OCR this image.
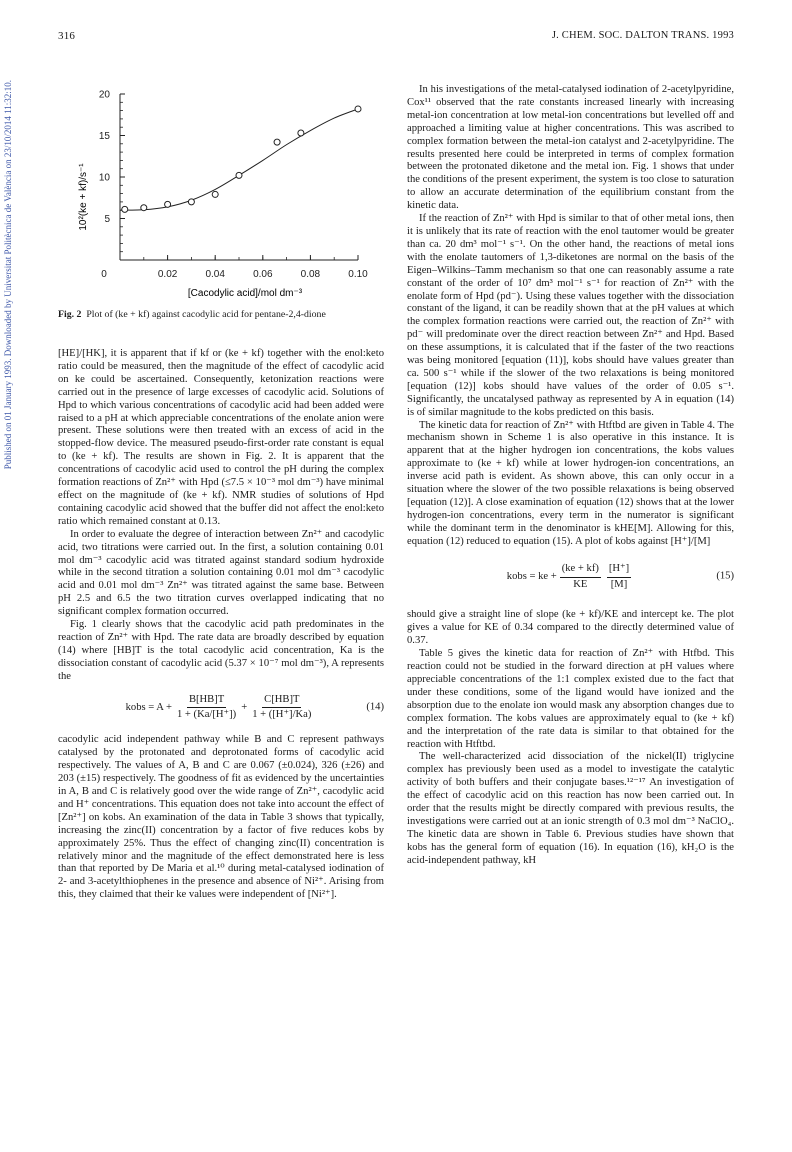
316	J. CHEM. SOC. DALTON TRANS. 1993
Published on 01 January 1993. Downloaded by Universitat Politècnica de València on 23/10/2014 11:32:10.	0	0.02	0.04	0.06	0.08	0.10
5
10
15
20
[Cacodylic acid]/mol dm⁻³
10²(ke + kf)/s⁻¹
Fig. 2 Plot of (ke + kf) against cacodylic acid for pentane-2,4-dione

[HE]/[HK], it is apparent that if kf or (ke + kf) together with the enol:keto ratio could be measured, then the magnitude of the effect of cacodylic acid on ke could be ascertained. Consequently, ketonization reactions were carried out in the presence of large excesses of cacodylic acid. Solutions of Hpd to which various concentrations of cacodylic acid had been added were raised to a pH at which appreciable concentrations of the enolate anion were present. These solutions were then treated with an excess of acid in the stopped-flow device. The measured pseudo-first-order rate constant is equal to (ke + kf). The results are shown in Fig. 2. It is apparent that the concentrations of cacodylic acid used to control the pH during the complex formation reactions of Zn²⁺ with Hpd (≤7.5 × 10⁻³ mol dm⁻³) have minimal effect on the magnitude of (ke + kf). NMR studies of solutions of Hpd containing cacodylic acid showed that the buffer did not affect the enol:keto ratio which remained constant at 0.13.

In order to evaluate the degree of interaction between Zn²⁺ and cacodylic acid, two titrations were carried out. In the first, a solution containing 0.01 mol dm⁻³ cacodylic acid was titrated against standard sodium hydroxide while in the second titration a solution containing 0.01 mol dm⁻³ cacodylic acid and 0.01 mol dm⁻³ Zn²⁺ was titrated against the same base. Between pH 2.5 and 6.5 the two titration curves overlapped indicating that no significant complex formation occurred.

Fig. 1 clearly shows that the cacodylic acid path predominates in the reaction of Zn²⁺ with Hpd. The rate data are broadly described by equation (14) where [HB]T is the total cacodylic acid concentration, Ka is the dissociation constant of cacodylic acid (5.37 × 10⁻⁷ mol dm⁻³), A represents the

kobs = $A + \frac{B[HB]T}{1 + (Ka/[H^+])} + \frac{C[HB]T}{1 + ([H^+]/Ka)}$	(14)

cacodylic acid independent pathway while B and C represent pathways catalysed by the protonated and deprotonated forms of cacodylic acid respectively. The values of A, B and C are 0.067 (±0.024), 326 (±26) and 203 (±15) respectively. The goodness of fit as evidenced by the uncertainties in A, B and C is relatively good over the wide range of Zn²⁺, cacodylic acid and H⁺ concentrations. This equation does not take into account the effect of [Zn²⁺] on kobs. An examination of the data in Table 3 shows that typically, increasing the zinc(II) concentration by a factor of five reduces kobs by approximately 25%. Thus the effect of changing zinc(II) concentration is relatively minor and the magnitude of the effect demonstrated here is less than that reported by De Maria et al.¹⁰ during metal-catalysed iodination of 2- and 3-acetylthiophenes in the presence and absence of Ni²⁺. Arising from this, they claimed that their ke values were independent of [Ni²⁺].

In his investigations of the metal-catalysed iodination of 2-acetylpyridine, Cox¹¹ observed that the rate constants increased linearly with increasing metal-ion concentration at low metal-ion concentrations but levelled off and approached a limiting value at higher concentrations. This was ascribed to complex formation between the metal-ion catalyst and 2-acetylpyridine. The results presented here could be interpreted in terms of complex formation between the protonated diketone and the metal ion. Fig. 1 shows that under the conditions of the present experiment, the system is too close to saturation to allow an accurate determination of the equilibrium constant from the kinetic data.

If the reaction of Zn²⁺ with Hpd is similar to that of other metal ions, then it is unlikely that its rate of reaction with the enol tautomer would be greater than ca. 20 dm³ mol⁻¹ s⁻¹. On the other hand, the reactions of metal ions with the enolate tautomers of 1,3-diketones are normal on the basis of the Eigen–Wilkins–Tamm mechanism so that one can reasonably assume a rate constant of the order of 10⁷ dm³ mol⁻¹ s⁻¹ for reaction of Zn²⁺ with the enolate form of Hpd (pd⁻). Using these values together with the dissociation constant of the ligand, it can be readily shown that at the pH values at which the complex formation reactions were carried out, the reaction of Zn²⁺ with pd⁻ will predominate over the direct reaction between Zn²⁺ and Hpd. Based on these assumptions, it is calculated that if the faster of the two reactions was being monitored [equation (11)], kobs should have values greater than ca. 500 s⁻¹ while if the slower of the two relaxations is being monitored [equation (12)] kobs should have values of the order of 0.05 s⁻¹. Significantly, the uncatalysed pathway as represented by A in equation (14) is of similar magnitude to the kobs predicted on this basis.

The kinetic data for reaction of Zn²⁺ with Htftbd are given in Table 4. The mechanism shown in Scheme 1 is also operative in this instance. It is apparent that at the higher hydrogen ion concentrations, the kobs values approximate to (ke + kf) while at lower hydrogen-ion concentrations, an inverse acid path is evident. As shown above, this can only occur in a situation where the slower of the two possible relaxations is being observed [equation (12)]. A close examination of equation (12) shows that at the lower hydrogen-ion concentrations, every term in the numerator is significant while the dominant term in the denominator is kHE[M]. Allowing for this, equation (12) reduced to equation (15). A plot of kobs against [H⁺]/[M]

kobs = ke + $\frac{(ke + kf)}{KE} \frac{[H^+]}{[M]}$	(15)

should give a straight line of slope (ke + kf)/KE and intercept ke. The plot gives a value for KE of 0.34 compared to the directly determined value of 0.37.

Table 5 gives the kinetic data for reaction of Zn²⁺ with Htfbd. This reaction could not be studied in the forward direction at pH values where appreciable concentrations of the 1:1 complex existed due to the fact that under these conditions, some of the ligand would have ionized and the absorption due to the enolate ion would mask any absorption changes due to complex formation. The kobs values are approximately equal to (ke + kf) and the interpretation of the rate data is similar to that obtained for the reaction with Htftbd.

The well-characterized acid dissociation of the nickel(II) triglycine complex has previously been used as a model to investigate the catalytic activity of both buffers and their conjugate bases.¹²⁻¹⁷ An investigation of the effect of cacodylic acid on this reaction has now been carried out. In order that the results might be directly compared with previous results, the investigations were carried out at an ionic strength of 0.3 mol dm⁻³ NaClO₄. The kinetic data are shown in Table 6. Previous studies have shown that kobs has the general form of equation (16). In equation (16), kH₂O is the acid-independent pathway, kH
